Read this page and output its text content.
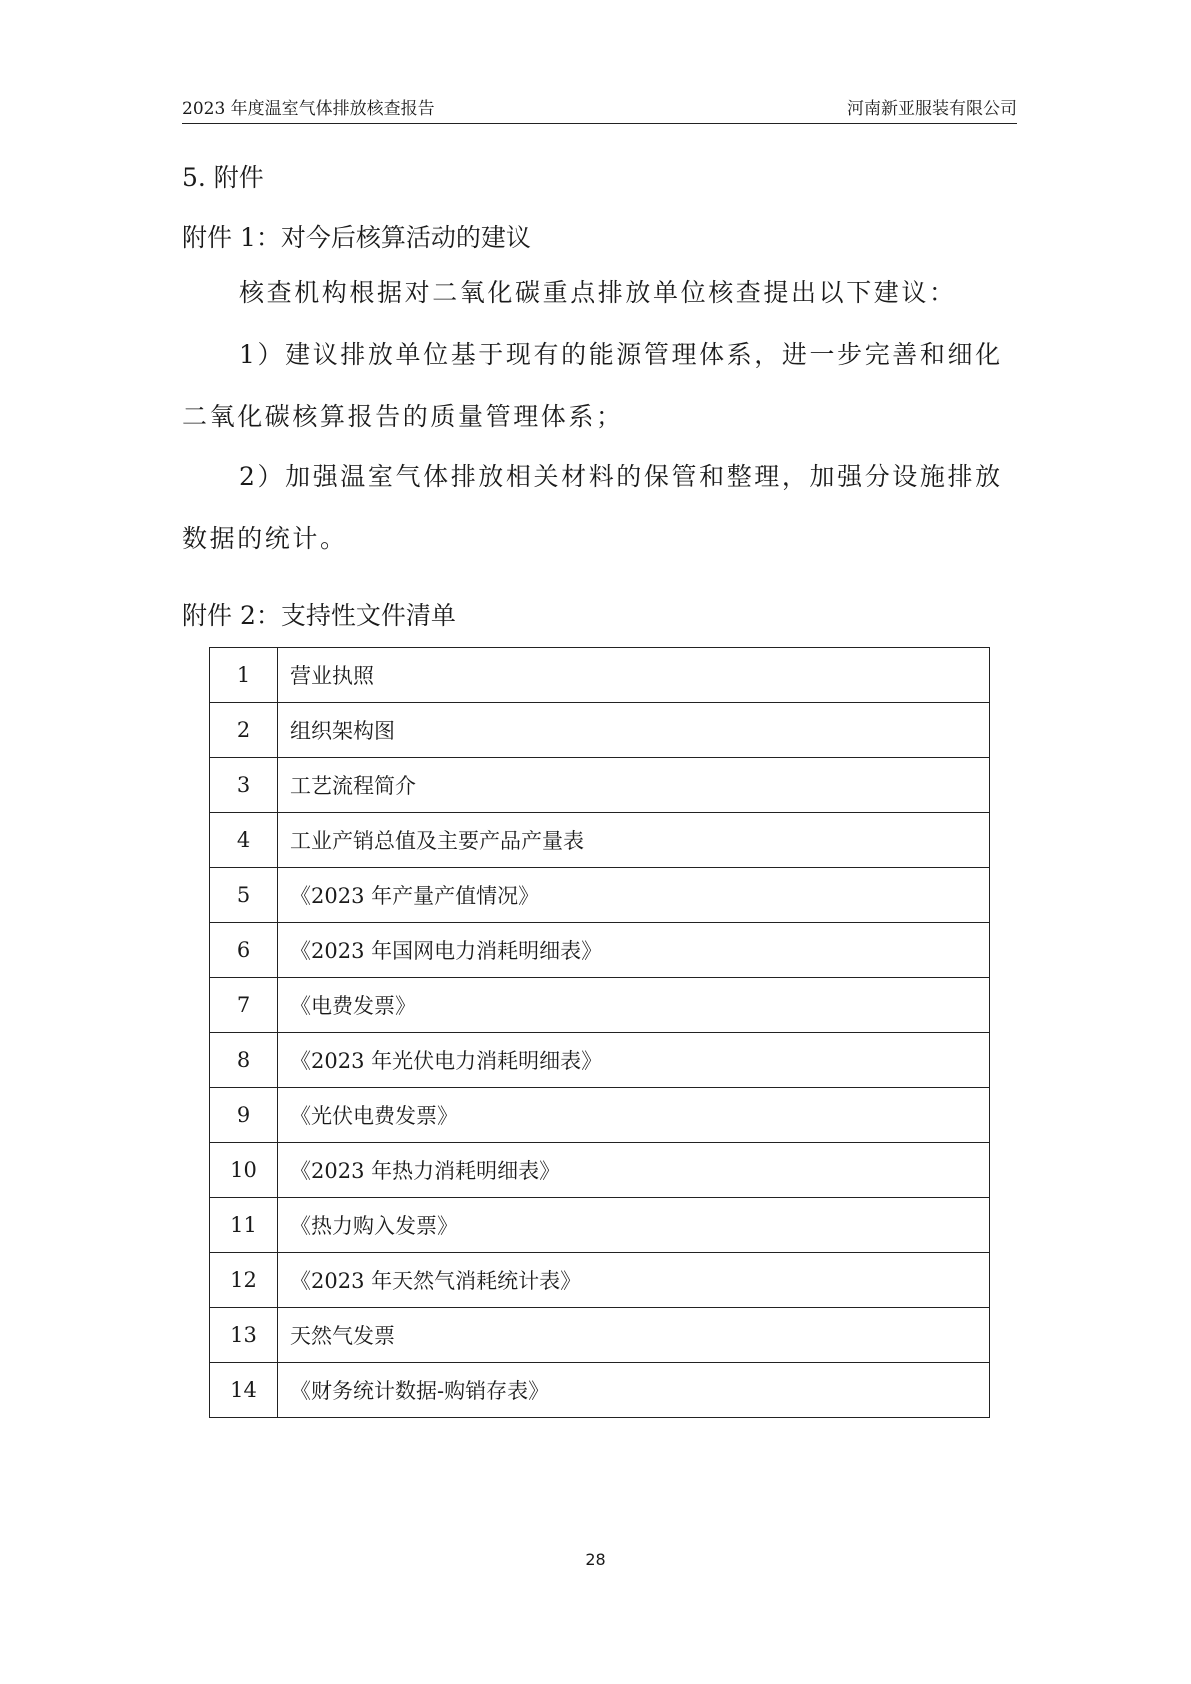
2023 年度温室气体排放核查报告	河南新亚服装有限公司
5. 附件
附件 1：对今后核算活动的建议

核查机构根据对二氧化碳重点排放单位核查提出以下建议：

1）建议排放单位基于现有的能源管理体系，进一步完善和细化二氧化碳核算报告的质量管理体系；

2）加强温室气体排放相关材料的保管和整理，加强分设施排放数据的统计。

附件 2：支持性文件清单
1	营业执照
2	组织架构图
3	工艺流程简介
4	工业产销总值及主要产品产量表
5	《2023 年产量产值情况》
6	《2023 年国网电力消耗明细表》
7	《电费发票》
8	《2023 年光伏电力消耗明细表》
9	《光伏电费发票》
10	《2023 年热力消耗明细表》
11	《热力购入发票》
12	《2023 年天然气消耗统计表》
13	天然气发票
14	《财务统计数据-购销存表》
28
